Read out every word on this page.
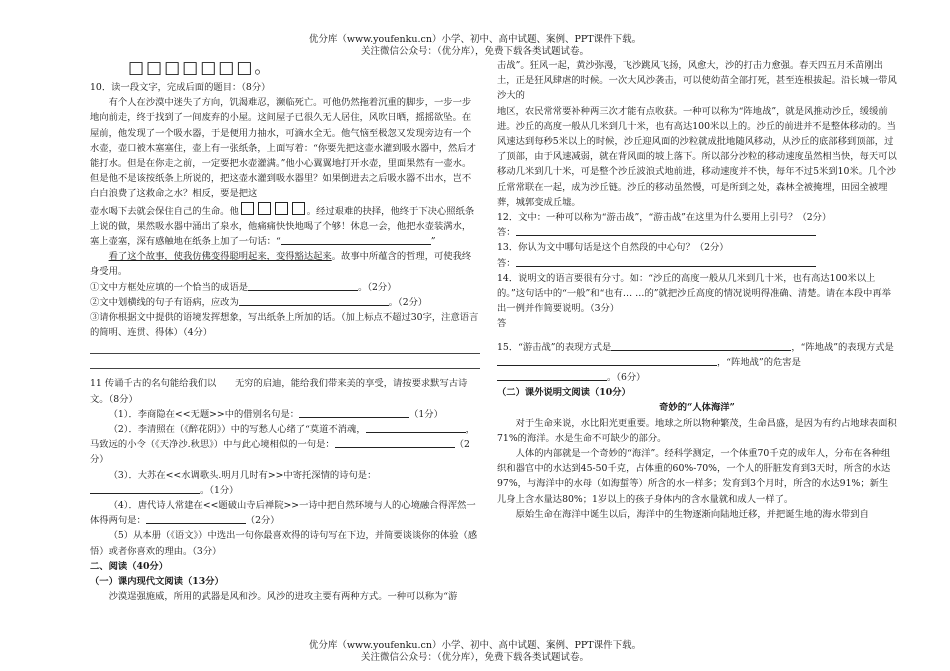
优分库（www.youfenku.cn）小学、初中、高中试题、案例、PPT课件下载。
关注微信公众号：（优分库），免费下载各类试题试卷。
□□□□□□□。

10．读一段文字，完成后面的题目：（8分）

有个人在沙漠中迷失了方向，饥渴难忍，濒临死亡。可他仍然拖着沉重的脚步，一步一步地向前走，终于找到了一间废弃的小屋。这间屋子已很久无人居住，风吹日晒，摇摇欲坠。在屋前，他发现了一个吸水器，于是便用力抽水，可滴水全无。他气恼至极忽又发现旁边有一个水壶，壶口被木塞塞住，壶上有一张纸条，上面写着：“你要先把这壶水灌到吸水器中，然后才能打水。但是在你走之前，一定要把水壶灌满。”他小心翼翼地打开水壶，里面果然有一壶水。但是他不是该按纸条上所说的，把这壶水灌到吸水器里？如果倒进去之后吸水器不出水，岂不白白浪费了这救命之水？相反，要是把这

壶水喝下去就会保住自己的生命。他	。经过艰难的抉择，他终于下决心照纸条上说的做，果然吸水器中涌出了泉水，他痛痛快快地喝了个够！休息一会，他把水壶装满水，塞上壶塞，深有感触地在纸条上加了一句话：“	”

看了这个故事，使我仿佛变得聪明起来，变得豁达起来。故事中所蕴含的哲理，可使我终身受用。

①文中方框处应填的一个恰当的成语是	。（2分）

②文中划横线的句子有语病，应改为	。（2分）

③请你根据文中提供的语境发挥想象，写出纸条上所加的话。（加上标点不超过30字，注意语言的简明、连贯、得体）（4分）

11 传诵千古的名句能给我们以　　无穷的启迪，能给我们带来美的享受，请按要求默写古诗文。（8分）

（1）．李商隐在<<无题>>中的借别名句是：	（1分）

（2）．李清照在（《醉花阴》）中的写愁人心绪了“莫道不消魂，	，马致远的小令（《天净沙.秋思》）中与此心境相似的一句是：	（2分）

（3）．大苏在<<水调歌头.明月几时有>>中寄托深情的诗句是：。（1分）

（4）．唐代诗人常建在<<题破山寺后禅院>>一诗中把自然环境与人的心境融合得浑然一体得两句是：	（2分）

（5）从本册（《语文》）中选出一句你最喜欢得的诗句写在下边，并简要谈谈你的体验（感悟）或者你喜欢的理由。（3分）

二、阅读（40分）

（一）课内现代文阅读（13分）

沙漠逞强施威，所用的武器是风和沙。风沙的进攻主要有两种方式。一种可以称为“游

击战”。狂风一起，黄沙弥漫，飞沙跳风飞扬，风愈大，沙的打击力愈强。春天四五月禾苗刚出土，正是狂风肆虐的时候。一次大风沙袭击，可以使幼苗全部打死，甚至连根拔起。沿长城一带风沙大的

地区，农民常常要补种两三次才能有点收获。一种可以称为“阵地战”，就是风推动沙丘，缓缓前进。沙丘的高度一般从几米到几十米，也有高达100米以上的。沙丘的前进并不是整体移动的。当风速达到每秒5米以上的时候，沙丘迎风面的沙粒就成批地随风移动，从沙丘的底部移到顶部，过了顶部，由于风速减弱，就在背风面的坡上落下。所以部分沙粒的移动速度虽然相当快，每天可以移动几米到几十米，可是整个沙丘波浪式地前进，移动速度并不快，每年不过5米到10米。几个沙丘常常联在一起，成为沙丘链。沙丘的移动虽然慢，可是所到之处，森林全被掩埋，田园全被埋葬，城郭变成丘墟。

12．文中：一种可以称为“游击战”，“游击战”在这里为什么要用上引号？（2分）

答：

13．你认为文中哪句话是这个自然段的中心句？（2分）

答：

14．说明文的语言要很有分寸。如：“沙丘的高度一般从几米到几十米，也有高达100米以上的。”这句话中的“一般”和“也有… …的”就把沙丘高度的情况说明得准确、清楚。请在本段中再举出一例并作简要说明。（3分）

答

15．“游击战”的表现方式是	，“阵地战”的表现方式是，“阵地战”的危害是。（6分）

（二）课外说明文阅读（10分）

奇妙的“人体海洋”

对于生命来说，水比阳光更重要。地球之所以物种繁茂，生命昌盛，是因为有约占地球表面积71%的海洋。水是生命不可缺少的部分。

人体的内部就是一个奇妙的“海洋”。经科学测定，一个体重70千克的成年人，分布在各种组织和器官中的水达到45-50千克，占体重的60%-70%，一个人的肝脏发育到3天时，所含的水达97%，与海洋中的水母（如海蜇等）所含的水一样多；发育到3个月时，所含的水达91%；新生儿身上含水量达80%；1岁以上的孩子身体内的含水量就和成人一样了。

原始生命在海洋中诞生以后，海洋中的生物逐渐向陆地迁移，并把诞生地的海水带到自

优分库（www.youfenku.cn）小学、初中、高中试题、案例、PPT课件下载。
关注微信公众号：（优分库），免费下载各类试题试卷。
